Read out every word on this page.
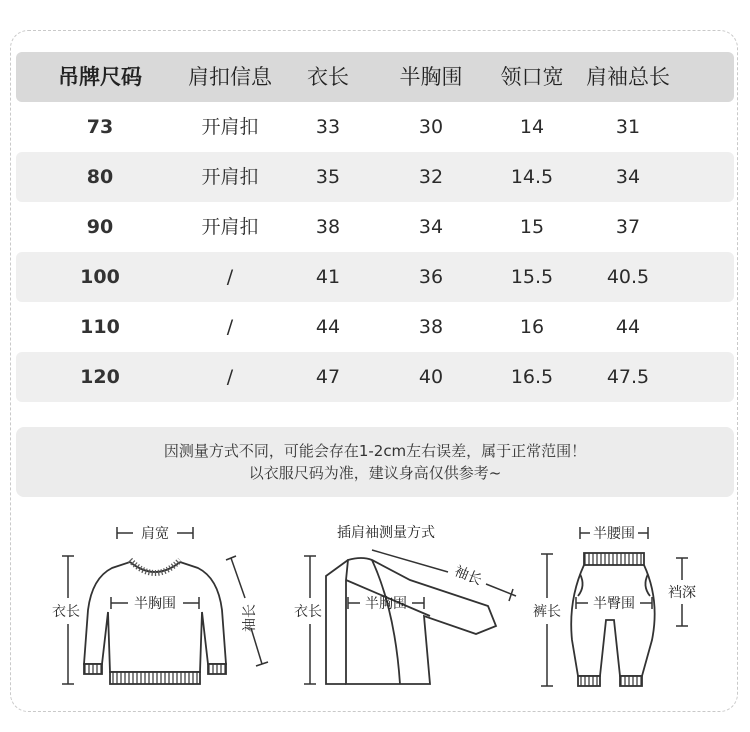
吊牌尺码	肩扣信息	衣长	半胸围	领口宽	肩袖总长
73	开肩扣	33	30	14	31
80	开肩扣	35	32	14.5	34
90	开肩扣	38	34	15	37
100	/	41	36	15.5	40.5
110	/	44	38	16	44
120	/	47	40	16.5	47.5
因测量方式不同，可能会存在1-2cm左右误差，属于正常范围！
以衣服尺码为准，建议身高仅供参考~
肩宽
半胸围
衣长	袖长
插肩袖测量方式
衣长	半胸围
袖长
半腰围
半臀围
裤长
裆深
